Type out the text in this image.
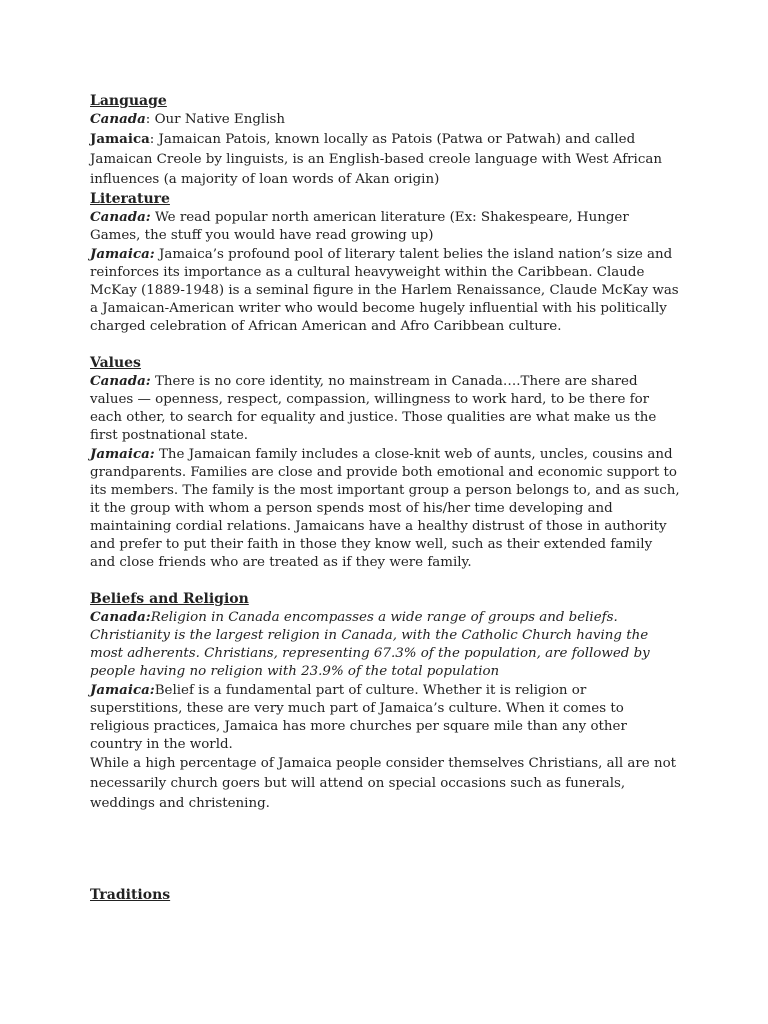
Language

Canada: Our Native English

Jamaica: Jamaican Patois, known locally as Patois (Patwa or Patwah) and called Jamaican Creole by linguists, is an English-based creole language with West African influences (a majority of loan words of Akan origin)

Literature

Canada: We read popular north american literature (Ex: Shakespeare, Hunger Games, the stuff you would have read growing up)

Jamaica: Jamaica’s profound pool of literary talent belies the island nation’s size and reinforces its importance as a cultural heavyweight within the Caribbean. Claude McKay (1889-1948) is a seminal figure in the Harlem Renaissance, Claude McKay was a Jamaican-American writer who would become hugely influential with his politically charged celebration of African American and Afro Caribbean culture.

Values

Canada: There is no core identity, no mainstream in Canada….There are shared values — openness, respect, compassion, willingness to work hard, to be there for each other, to search for equality and justice. Those qualities are what make us the first postnational state.

Jamaica: The Jamaican family includes a close-knit web of aunts, uncles, cousins and grandparents. Families are close and provide both emotional and economic support to its members. The family is the most important group a person belongs to, and as such, it the group with whom a person spends most of his/her time developing and maintaining cordial relations. Jamaicans have a healthy distrust of those in authority and prefer to put their faith in those they know well, such as their extended family and close friends who are treated as if they were family.

Beliefs and Religion

Canada:Religion in Canada encompasses a wide range of groups and beliefs. Christianity is the largest religion in Canada, with the Catholic Church having the most adherents. Christians, representing 67.3% of the population, are followed by people having no religion with 23.9% of the total population

Jamaica:Belief is a fundamental part of culture. Whether it is religion or superstitions, these are very much part of Jamaica’s culture. When it comes to religious practices, Jamaica has more churches per square mile than any other country in the world.

While a high percentage of Jamaica people consider themselves Christians, all are not necessarily church goers but will attend on special occasions such as funerals, weddings and christening.

Traditions
